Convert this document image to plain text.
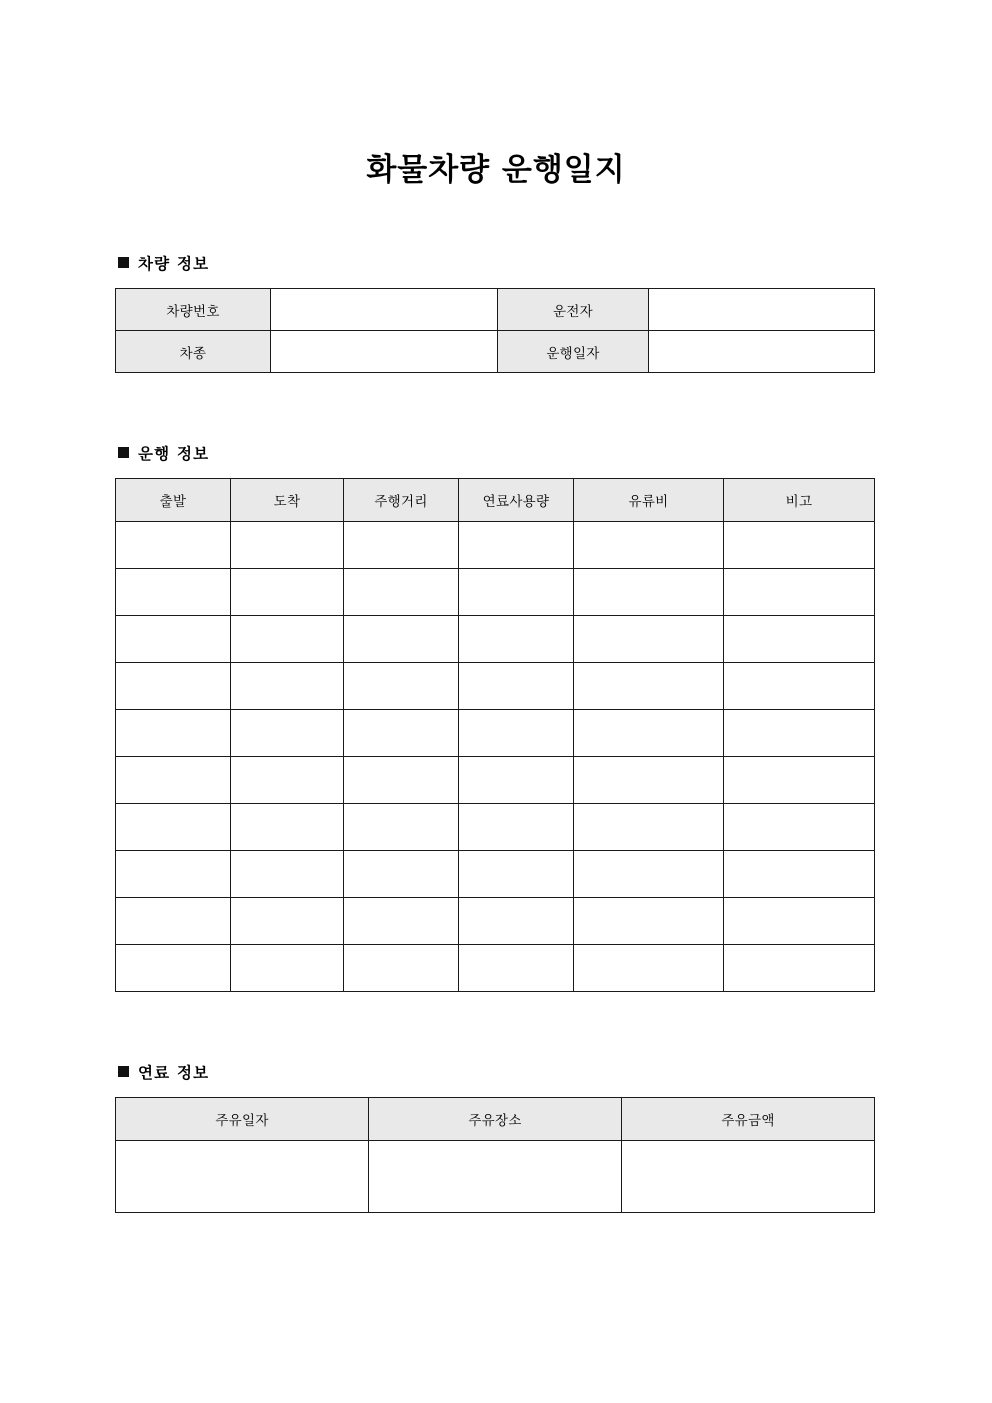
화물차량 운행일지
차량 정보
차량번호		운전자	
차종		운행일자	
운행 정보
출발	도착	주행거리	연료사용량	유류비	비고

연료 정보
주유일자	주유장소	주유금액
